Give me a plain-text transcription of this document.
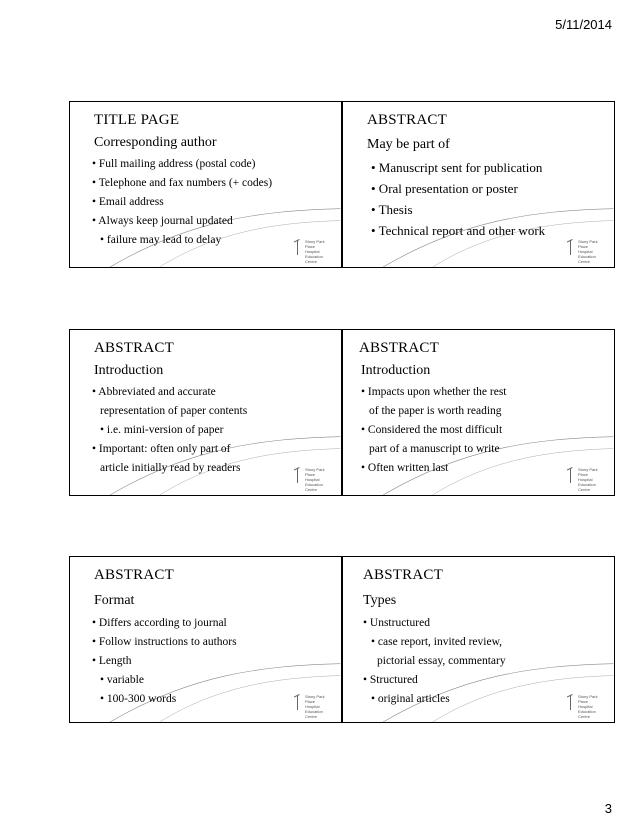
5/11/2014
TITLE PAGE
Corresponding author
• Full mailing address (postal code)
• Telephone and fax numbers (+ codes)
• Email address
• Always keep journal updated
• failure may lead to delay	Stony Park Place
Hospital
Education Centre
ABSTRACT
May be part of
• Manuscript sent for publication
• Oral presentation or poster
• Thesis
• Technical report and other work
Stony Park Place
Hospital
Education Centre
ABSTRACT
Introduction
• Abbreviated and accurate
representation of paper contents
• i.e. mini-version of paper
• Important: often only part of
article initially read by readers	Stony Park Place
Hospital
Education Centre
ABSTRACT
Introduction
• Impacts upon whether the rest
of the paper is worth reading
• Considered the most difficult
part of a manuscript to write
• Often written last	Stony Park Place
Hospital
Education Centre
ABSTRACT
Format
• Differs according to journal
• Follow instructions to authors
• Length
• variable
• 100-300 words	Stony Park Place
Hospital
Education Centre
ABSTRACT
Types
• Unstructured
• case report, invited review,
pictorial essay, commentary
• Structured
• original articles	Stony Park Place
Hospital
Education Centre
3
